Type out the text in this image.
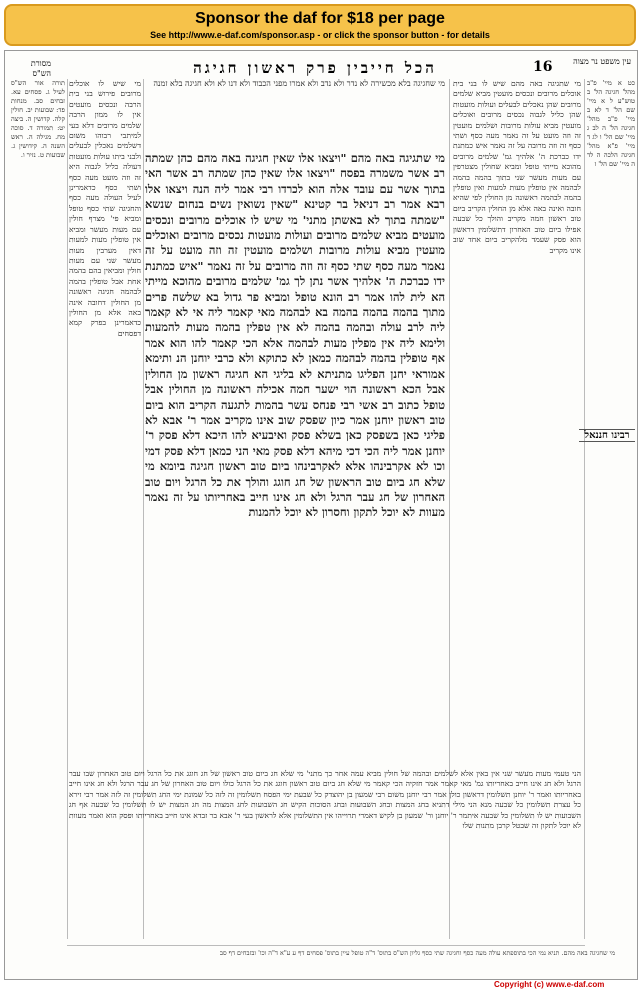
Sponsor the daf for $18 per page
See http://www.e-daf.com/sponsor.asp - or click the sponsor button - for details
עין משפט נר מצוה
16
הכל חייבין פרק ראשון חגיגה
מסורת הש"ס
כט א מיי' פ"ב מהל' חגיגה הל' ב טוש"ע ל א מיי' שם הל' ד לא ב מיי' פ"ב מהל' חגיגה הל' ה לב ג מיי' שם הל' ו לג ד מיי' פ"א מהל' חגיגה הלכה ה לד ה מיי' שם הל' ז
רבינו חננאל
מי שתגיגה באה מהם שיש לו בני בית אוכלים מרובים ונכסים מועטין מביא שלמים מרובים שהן נאכלים לבעלים ועולות מועטות שהן כליל לגבוה נכסים מרובים ואוכלים מועטין מביא עולות מרובות ושלמים מועטין זה וזה מועט על זה נאמר מעה כסף ושתי כסף זה וזה מרובה על זה נאמר איש כמתנת ידו כברכת ה' אלהיך גמ' שלמים מרובים מהוכא מייתי טופל ומביא שחולין מצטרפין עם מעות מעשר שני בתוך בהמה בהמה לבהמה אין טופלין מעות למעות ואין טופלין בהמה לבהמה ראשונה מן החולין לפי שהיא חובה ואינה באה אלא מן החולין הקריב ביום טוב ראשון חמה מקריב והולך כל שבעה אפילו ביום טוב האחרון דתשלומין דראשון הוא פסק שעמד מלהקריב ביום אחד שוב אינו מקריב
מי שחגיגה בלא מכשירה לא נדר ולא נדב ולא אמרו מפני הכבוד ולא דנו לא ולא חגיגה בלא זמנה
מי שתגיגה באה מהם "ויצאו אלו שאין חגיגה באה מהם כהן שמתה רב אשר משמרה בפסח "ויצאו אלו שאין כהן שמתה רב אשר האי בתוך אשר עם עובד אלה הוא לכרדו רבי אמר ליה הנה ויצאו אלו רבא אמר רב דניאל בר קטינא "שאין נשואין נשים בנחום שנשא "שמתה בתוך לא באשתן מתני' מי שיש לו אוכלים מרובים ונכסים מועטים מביא שלמים מרובים ועולות מועטות נכסים מרובים ואוכלים מועטין מביא עולות מרובות ושלמים מועטין זה וזה מועט על זה נאמר מעה כסף שתי כסף זה וזה מרובים על זה נאמר "איש כמתנת ידו כברכת ה' אלהיך אשר נתן לך גמ' שלמים מרובים מהוכא מייתי הא לית להו אמר רב הונא טופל ומביא פר גדול בא שלשה פרים מתוך בהמה בהמה בהמה בא לבהמה מאי קאמר ליה אי לא קאמר ליה לרב עולה ובהמה בהמה לא אין טפלין בהמה מעות להמעות ולימא ליה אין מפלין מעות לבהמה אלא הכי קאמר להו הוא אמר אף טופלין בהמה לבהמה כמאן לא כתוקא ולא כרבי יוחנן הנ ותימא אמוראי יחנן הפליגו מתניתא לא בליגי הא חגיגה ראשון מן החולין אבל הכא ראשונה הוי ישער חמה אכילה ראשונה מן החולין אבל טופל כתוב רב אשי רבי פנחס עשר בהמות לתגעה הקריב הוא ביום טוב ראשון יוחנן אמר כיון שפסק שוב אינו מקריב אמר ר' אבא לא פליגי כאן בשפסק כאן בשלא פסק ואיבעיא להו היכא דלא פסק ר' יוחנן אמר ליה הכי דכי מיהא דלא פסק מאי הני כמאן דלא פסק דמי וכו לא אקרבינהו אלא לאקרבינהו ביום טוב ראשון חגיגה ביומא מי שלא חג ביום טוב הראשון של חג חוגג והולך את כל הרגל ויום טוב האחרון של חג עבר הרגל ולא חג אינו חייב באחריותו על זה נאמר מעוות לא יוכל לתקון וחסרון לא יוכל להמנות
מי שיש לו אוכלים מרובים פירוש בני בית הרבה ונכסים מועטים אין לו ממון הרבה שלמים מרובים דלא בעי למיתבי רבוהו משום דשלמים נאכלין לבעלים ולבני ביתו עולות מועטות דעולה כליל לגבוה היא זה וזה מועט מעה כסף ושתי כסף כדאמרינן לעיל העולה מעה כסף והחגיגה שתי כסף טופל ומביא פי' מצרף חולין עם מעות מעשר ומביא אין טופלין מעות למעות דאין מערבין מעות מעשר שני עם מעות חולין ומביאין בהם בהמה אחת אבל טופלין בהמה לבהמה חגיגה ראשונה מן החולין דחובה אינה באה אלא מן החולין כדאמרינן בפרק קמא דפסחים
תורה אור הש"ס לעיל ג. פסחים עא. זבחים סב. מנחות פד: שבועות יב. חולין קלה. קדושין ה. ביצה יט: תמורה ד. סוכה מח. מגילה ה. ראש השנה ה. קידושין ג. שבועות ט. נזיר ו.
הני טעמי מעות מעשר שני אין באין אלא לשלמים ובהמה של חולין מביא עמה אחר כך מתני' מי שלא חג ביום טוב ראשון של חג חוגג את כל הרגל ויום טוב האחרון שבו עבר הרגל ולא חג אינו חייב באחריותו גמ' מאי קאמר אמר חזקיה הכי קאמר מי שלא חג ביום טוב ראשון חוגג את כל הרגל כולו ויום טוב האחרון של חג עבר הרגל ולא חג אינו חייב באחריותו ואמר ר' יוחנן תשלומין דראשון כולן אמר רבי יוחנן משום רבי שמעון בן יהוצדק כל שבעת ימי הפסח תשלומין זה לזה כל שמונת ימי החג תשלומין זה לזה אמר רבי זירא כל עצרת תשלומין כל שבעה מנא הני מילי דתניא בחג המצות ובחג השבועות ובחג הסוכות הקיש חג השבועות לחג המצות מה חג המצות יש לו תשלומין כל שבעה אף חג השבועות יש לו תשלומין כל שבעה איתמר ר' יוחנן ור' שמעון בן לקיש דאמרי תרוייהו אין התשלומין אלא לראשון בעי ר' אבא בר זבדא אינו חייב באחריותו ופסק הוא ואמר מעוות לא יוכל לתקון זה שבטל קרבן מתנות שלו
מי שחגיגה באה מהם. תניא נמי הכי בתוספתא עולה מעה כסף וחגיגה שתי כסף גליון הש"ס בתוס' ד"ה טופל עיין בתוס' פסחים דף ע ע"א ד"ה וכו' ובזבחים דף סב
Copyright (c) www.e-daf.com
